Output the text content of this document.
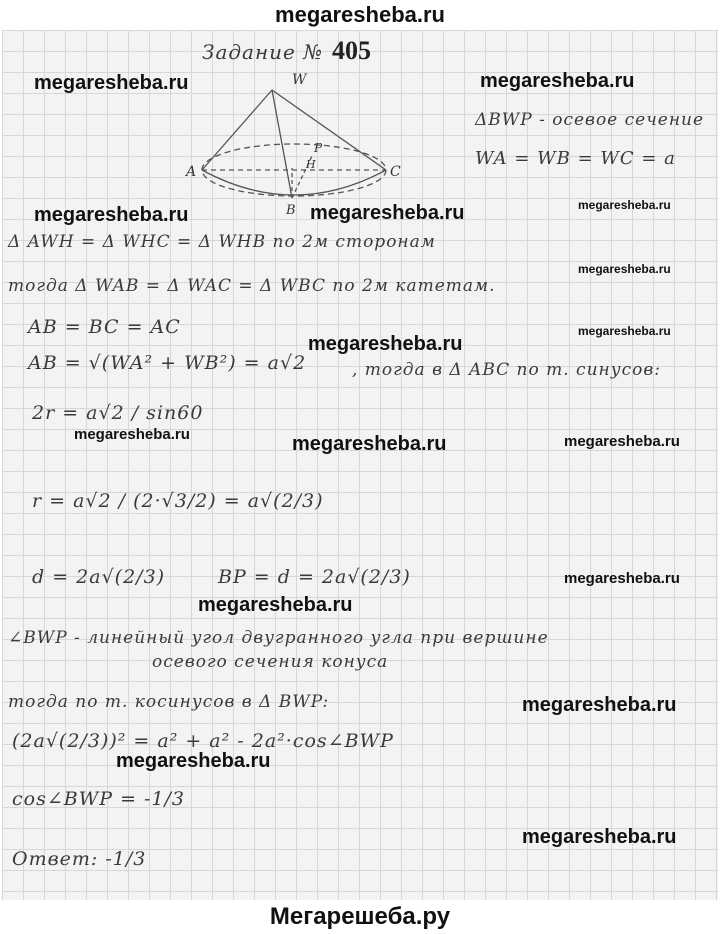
megaresheba.ru
Задание № 405
W
A	C
B
P
H
ΔBWP - осевое сечение
WA = WB = WC = a
Δ AWH = Δ WHC = Δ WHB по 2м сторонам
тогда Δ WAB = Δ WAC = Δ WBC по 2м катетам.
AB = BC = AC
AB = √(WA² + WB²) = a√2	, тогда в Δ ABC по т. синусов:
2r = a√2 / sin60
r = a√2 / (2·√3/2) = a√(2/3)
d = 2a√(2/3)	BP = d = 2a√(2/3)
∠BWP - линейный угол двугранного угла при вершине
осевого сечения конуса
тогда по т. косинусов в Δ BWP:
(2a√(2/3))² = a² + a² - 2a²·cos∠BWP
cos∠BWP = -1/3
Ответ: -1/3
megaresheba.ru	megaresheba.ru
megaresheba.ru	megaresheba.ru	megaresheba.ru
megaresheba.ru
megaresheba.ru
megaresheba.ru
megaresheba.ru	megaresheba.ru	megaresheba.ru
megaresheba.ru
megaresheba.ru
megaresheba.ru
megaresheba.ru
megaresheba.ru
Мегарешеба.ру
